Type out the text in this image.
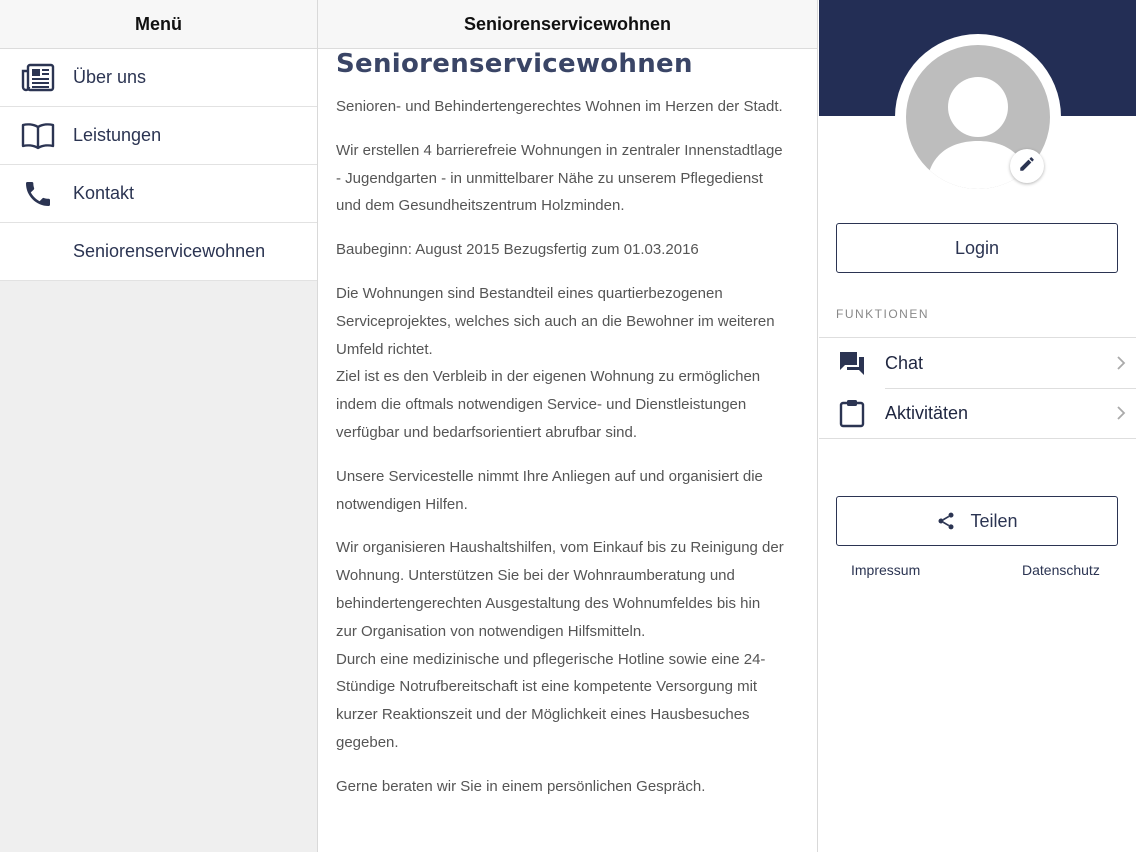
Menü
Über uns
Leistungen
Kontakt
Seniorenservicewohnen
Seniorenservicewohnen
Seniorenservicewohnen

Senioren- und Behindertengerechtes Wohnen im Herzen der Stadt.

Wir erstellen 4 barrierefreie Wohnungen in zentraler Innenstadtlage
- Jugendgarten - in unmittelbarer Nähe zu unserem Pflegedienst
und dem Gesundheitszentrum Holzminden.

Baubeginn: August 2015 Bezugsfertig zum 01.03.2016

Die Wohnungen sind Bestandteil eines quartierbezogenen
Serviceprojektes, welches sich auch an die Bewohner im weiteren
Umfeld richtet.
Ziel ist es den Verbleib in der eigenen Wohnung zu ermöglichen
indem die oftmals notwendigen Service- und Dienstleistungen
verfügbar und bedarfsorientiert abrufbar sind.

Unsere Servicestelle nimmt Ihre Anliegen auf und organisiert die
notwendigen Hilfen.

Wir organisieren Haushaltshilfen, vom Einkauf bis zu Reinigung der
Wohnung. Unterstützen Sie bei der Wohnraumberatung und
behindertengerechten Ausgestaltung des Wohnumfeldes bis hin
zur Organisation von notwendigen Hilfsmitteln.
Durch eine medizinische und pflegerische Hotline sowie eine 24-
Stündige Notrufbereitschaft ist eine kompetente Versorgung mit
kurzer Reaktionszeit und der Möglichkeit eines Hausbesuches
gegeben.

Gerne beraten wir Sie in einem persönlichen Gespräch.

Login
FUNKTIONEN
Chat
Aktivitäten
Teilen
Impressum	Datenschutz
